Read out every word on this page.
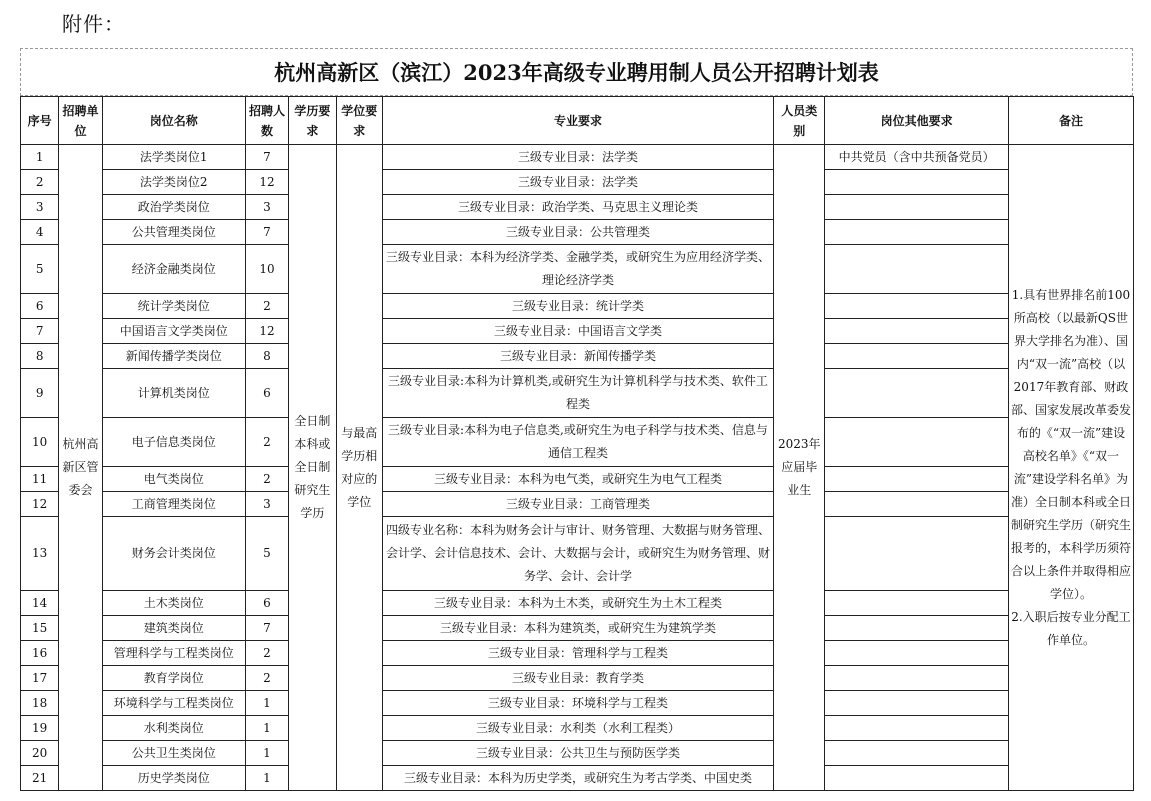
附件：
杭州高新区（滨江）2023年高级专业聘用制人员公开招聘计划表
序号	招聘单位	岗位名称	招聘人数	学历要求	学位要求	专业要求	人员类别	岗位其他要求	备注
1	杭州高新区管委会	法学类岗位1	7	全日制本科或全日制研究生学历	与最高学历相对应的学位	三级专业目录：法学类	2023年应届毕业生	中共党员（含中共预备党员）	1.具有世界排名前100所高校（以最新QS世界大学排名为准）、国内“双一流”高校（以2017年教育部、财政部、国家发展改革委发布的《“双一流”建设高校名单》《“双一流”建设学科名单》为准）全日制本科或全日制研究生学历（研究生报考的，本科学历须符合以上条件并取得相应学位）。
2.入职后按专业分配工作单位。
2		法学类岗位2	12			三级专业目录：法学类			
3		政治学类岗位	3			三级专业目录：政治学类、马克思主义理论类			
4		公共管理类岗位	7			三级专业目录：公共管理类			
5		经济金融类岗位	10			三级专业目录：本科为经济学类、金融学类，或研究生为应用经济学类、理论经济学类			
6		统计学类岗位	2			三级专业目录：统计学类			
7		中国语言文学类岗位	12			三级专业目录：中国语言文学类			
8		新闻传播学类岗位	8			三级专业目录：新闻传播学类			
9		计算机类岗位	6			三级专业目录:本科为计算机类,或研究生为计算机科学与技术类、软件工程类			
10		电子信息类岗位	2			三级专业目录:本科为电子信息类,或研究生为电子科学与技术类、信息与通信工程类			
11		电气类岗位	2			三级专业目录：本科为电气类，或研究生为电气工程类			
12		工商管理类岗位	3			三级专业目录：工商管理类			
13		财务会计类岗位	5			四级专业名称：本科为财务会计与审计、财务管理、大数据与财务管理、会计学、会计信息技术、会计、大数据与会计，或研究生为财务管理、财务学、会计、会计学			
14		土木类岗位	6			三级专业目录：本科为土木类，或研究生为土木工程类			
15		建筑类岗位	7			三级专业目录：本科为建筑类，或研究生为建筑学类			
16		管理科学与工程类岗位	2			三级专业目录：管理科学与工程类			
17		教育学岗位	2			三级专业目录：教育学类			
18		环境科学与工程类岗位	1			三级专业目录：环境科学与工程类			
19		水利类岗位	1			三级专业目录：水利类（水利工程类）			
20		公共卫生类岗位	1			三级专业目录：公共卫生与预防医学类			
21		历史学类岗位	1			三级专业目录：本科为历史学类，或研究生为考古学类、中国史类			
